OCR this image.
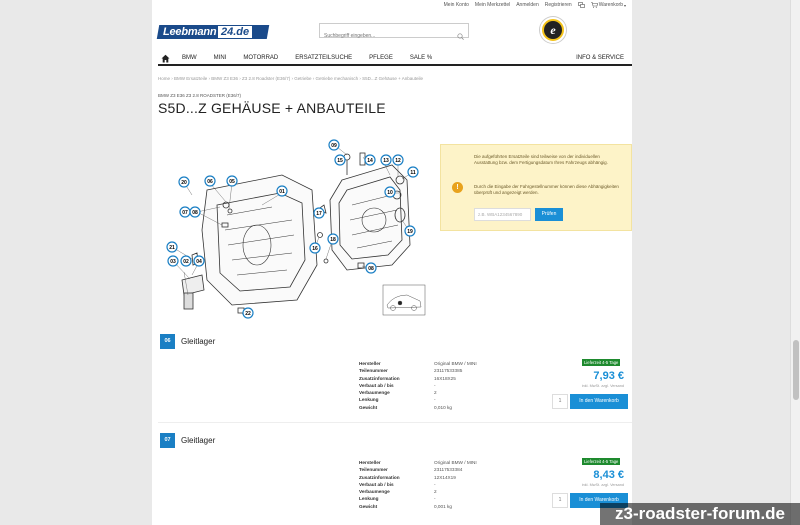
Mein Konto Mein Merkzettel Anmelden Registrieren	Warenkorb ▾
Leebmann 24.de
Suchbegriff eingeben...	e
BMW	MINI	MOTORRAD	ERSATZTEILSUCHE	PFLEGE	SALE %	INFO & SERVICE
Home › BMW Ersatzteile › BMW Z3 E36 › Z3 2.8 Roadster (E36/7) › Getriebe › Getriebe mechanisch › S5D...Z Gehäuse + Anbauteile
BMW Z3 E36 Z3 2.8 ROADSTER (E36/7)
S5D...Z GEHÄUSE + ANBAUTEILE
09
15	14 13 12
11
10
19
20	06	05
01
07 08	17
16
21
18
03 02 04
08
22
!
Die aufgeführten Ersatzteile sind teilweise von der individuellen Ausstattung bzw. dem Fertigungsdatum Ihres Fahrzeugs abhängig.
Durch die Eingabe der Fahrgestellnummer können diese Abhängigkeiten überprüft und angezeigt werden.
z.B. WBA1234567890	Prüfen
06	Gleitlager
Hersteller	Original BMW / MINI
Teilenummer	23117533385
Zusatzinformation	16X18X25
Verbaut ab / bis	-
Verbaumenge	2
Lenkung	-
Gewicht	0,010 kg
Lieferzeit 4-5 Tage
7,93 €
inkl. MwSt. zzgl. Versand
1	In den Warenkorb
07	Gleitlager
Hersteller	Original BMW / MINI
Teilenummer	23117533384
Zusatzinformation	12X14X19
Verbaut ab / bis	-
Verbaumenge	2
Lenkung	-
Gewicht	0,001 kg
Lieferzeit 4-5 Tage
8,43 €
inkl. MwSt. zzgl. Versand
1	In den Warenkorb
z3-roadster-forum.de
